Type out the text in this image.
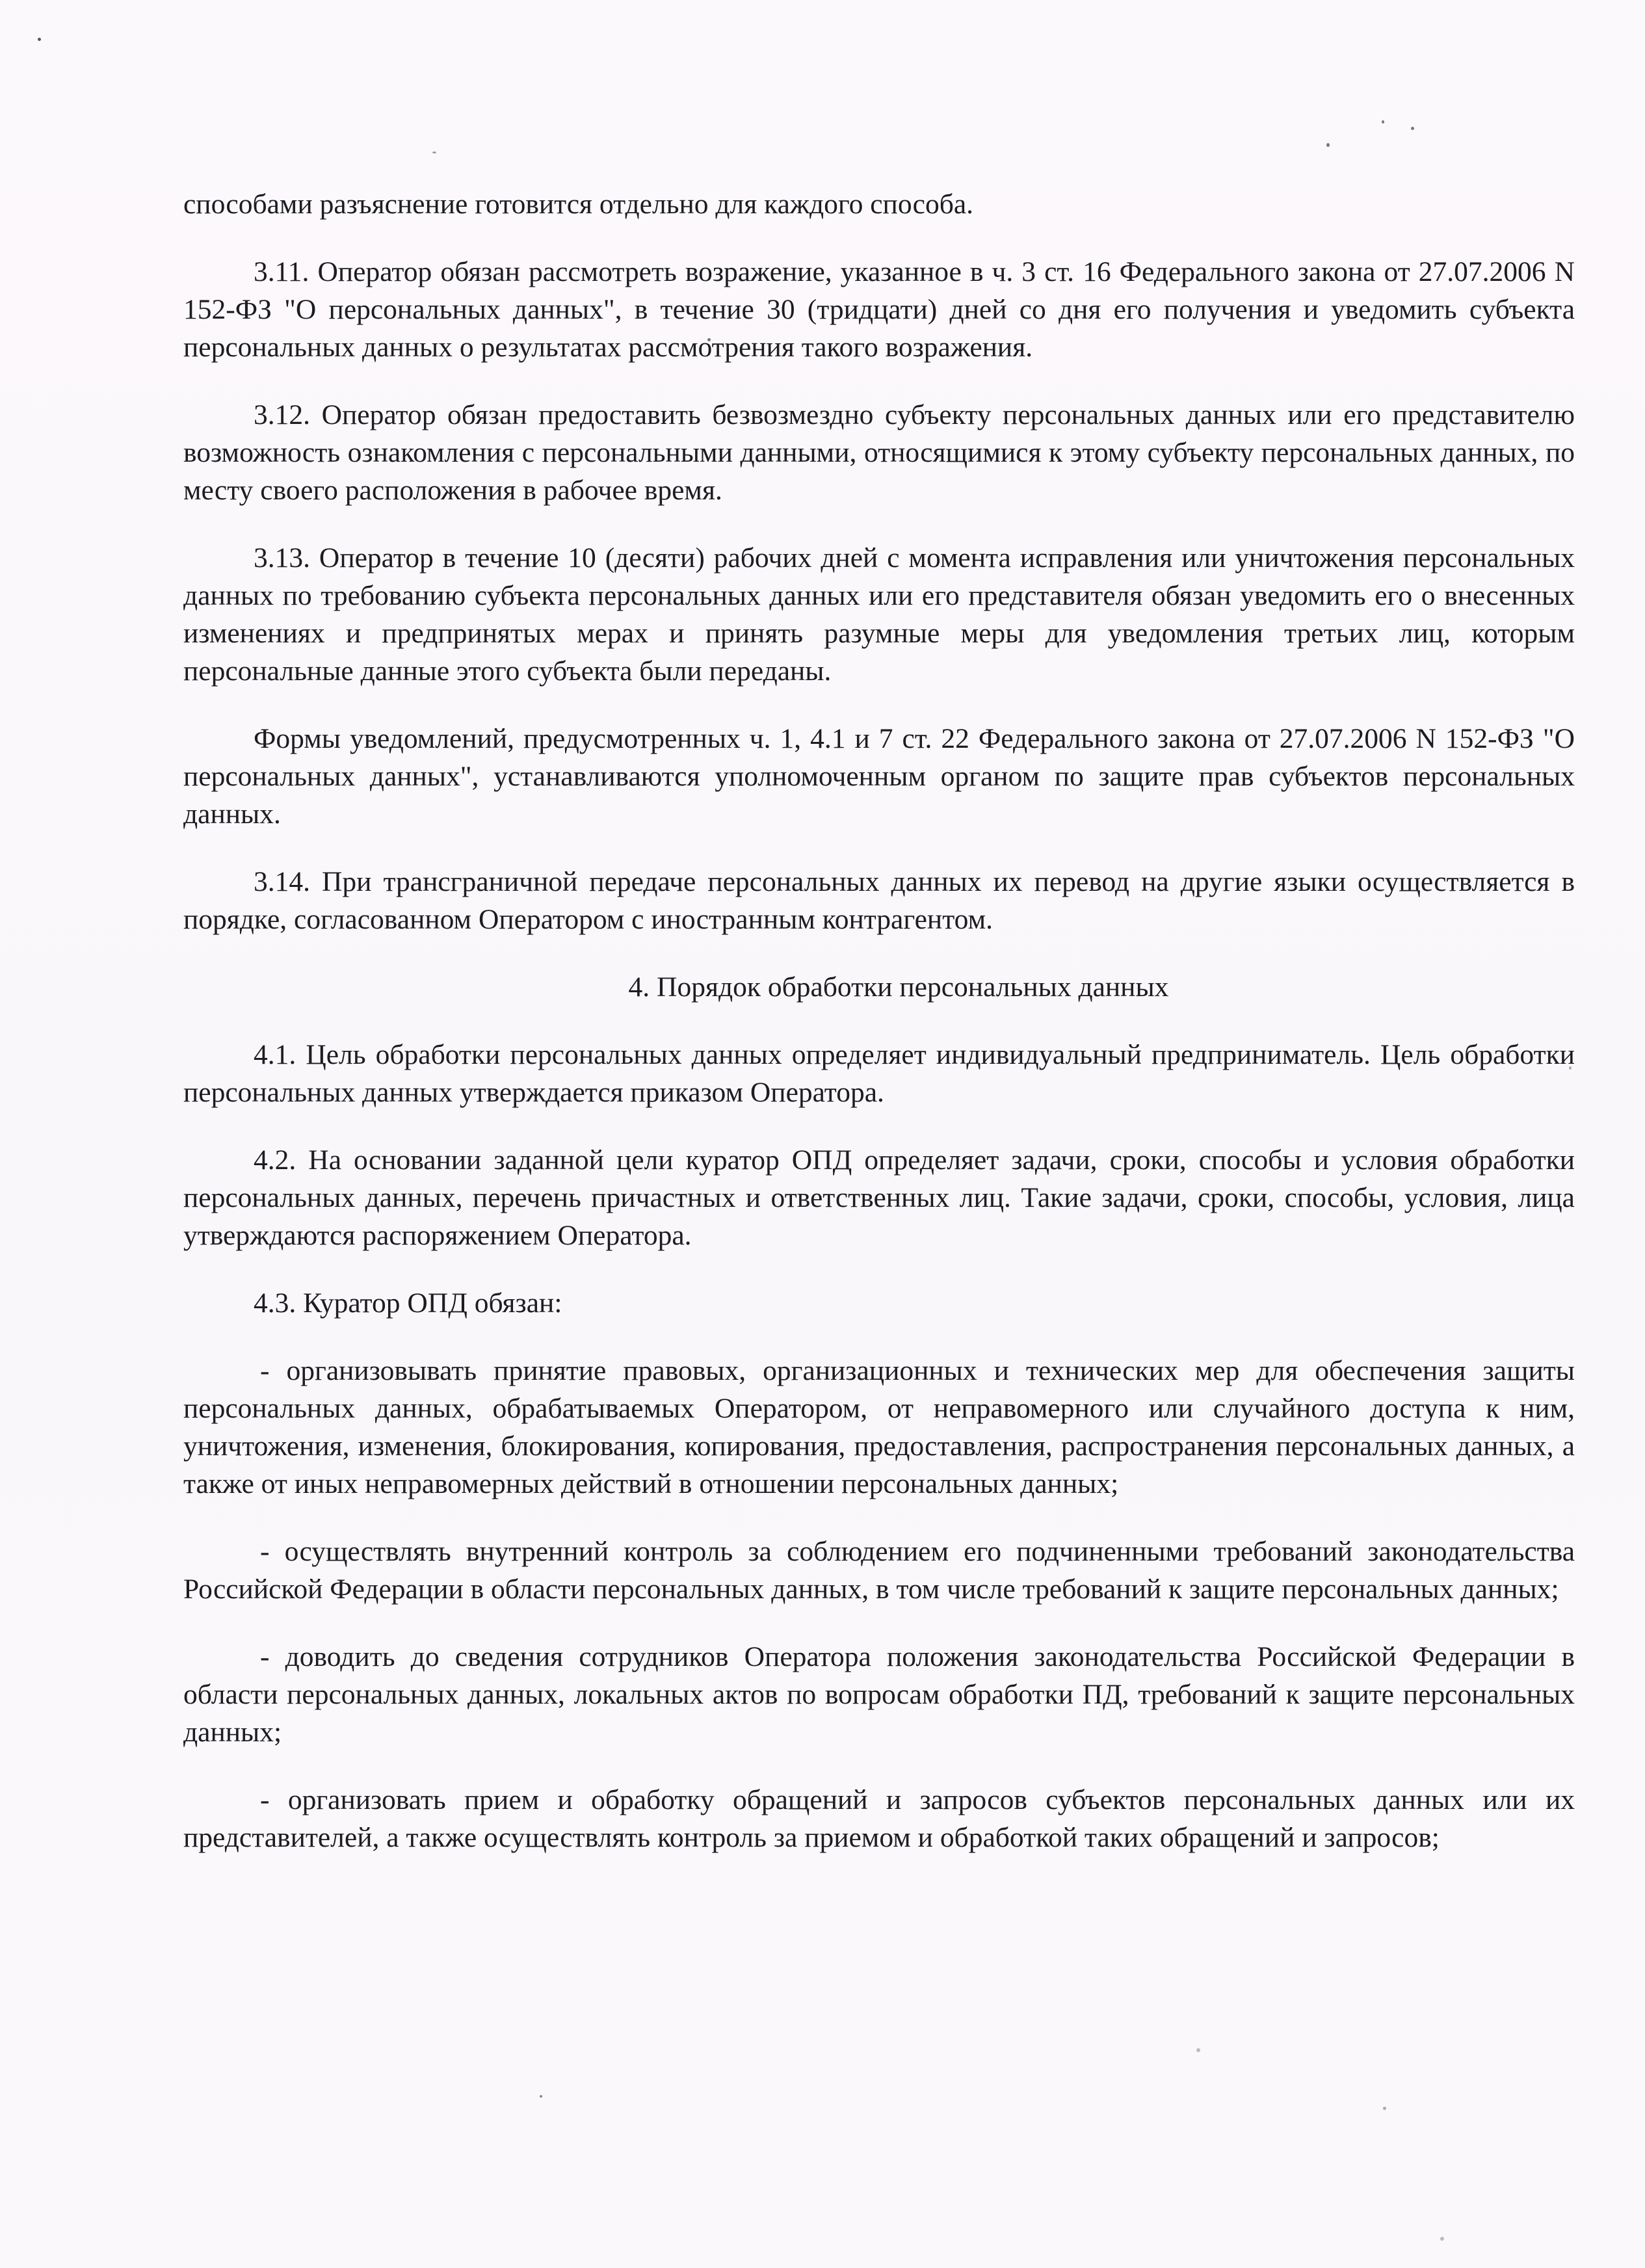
способами разъяснение готовится отдельно для каждого способа.

3.11. Оператор обязан рассмотреть возражение, указанное в ч. 3 ст. 16 Федерального закона от 27.07.2006 N 152-ФЗ "О персональных данных", в течение 30 (тридцати) дней со дня его получения и уведомить субъекта персональных данных о результатах рассмотрения такого возражения.

3.12. Оператор обязан предоставить безвозмездно субъекту персональных данных или его представителю возможность ознакомления с персональными данными, относящимися к этому субъекту персональных данных, по месту своего расположения в рабочее время.

3.13. Оператор в течение 10 (десяти) рабочих дней с момента исправления или уничтожения персональных данных по требованию субъекта персональных данных или его представителя обязан уведомить его о внесенных изменениях и предпринятых мерах и принять разумные меры для уведомления третьих лиц, которым персональные данные этого субъекта были переданы.

Формы уведомлений, предусмотренных ч. 1, 4.1 и 7 ст. 22 Федерального закона от 27.07.2006 N 152-ФЗ "О персональных данных", устанавливаются уполномоченным органом по защите прав субъектов персональных данных.

3.14. При трансграничной передаче персональных данных их перевод на другие языки осуществляется в порядке, согласованном Оператором с иностранным контрагентом.

4. Порядок обработки персональных данных

4.1. Цель обработки персональных данных определяет индивидуальный предприниматель. Цель обработки персональных данных утверждается приказом Оператора.

4.2. На основании заданной цели куратор ОПД определяет задачи, сроки, способы и условия обработки персональных данных, перечень причастных и ответственных лиц. Такие задачи, сроки, способы, условия, лица утверждаются распоряжением Оператора.

4.3. Куратор ОПД обязан:

- организовывать принятие правовых, организационных и технических мер для обеспечения защиты персональных данных, обрабатываемых Оператором, от неправомерного или случайного доступа к ним, уничтожения, изменения, блокирования, копирования, предоставления, распространения персональных данных, а также от иных неправомерных действий в отношении персональных данных;

- осуществлять внутренний контроль за соблюдением его подчиненными требований законодательства Российской Федерации в области персональных данных, в том числе требований к защите персональных данных;

- доводить до сведения сотрудников Оператора положения законодательства Российской Федерации в области персональных данных, локальных актов по вопросам обработки ПД, требований к защите персональных данных;

- организовать прием и обработку обращений и запросов субъектов персональных данных или их представителей, а также осуществлять контроль за приемом и обработкой таких обращений и запросов;
